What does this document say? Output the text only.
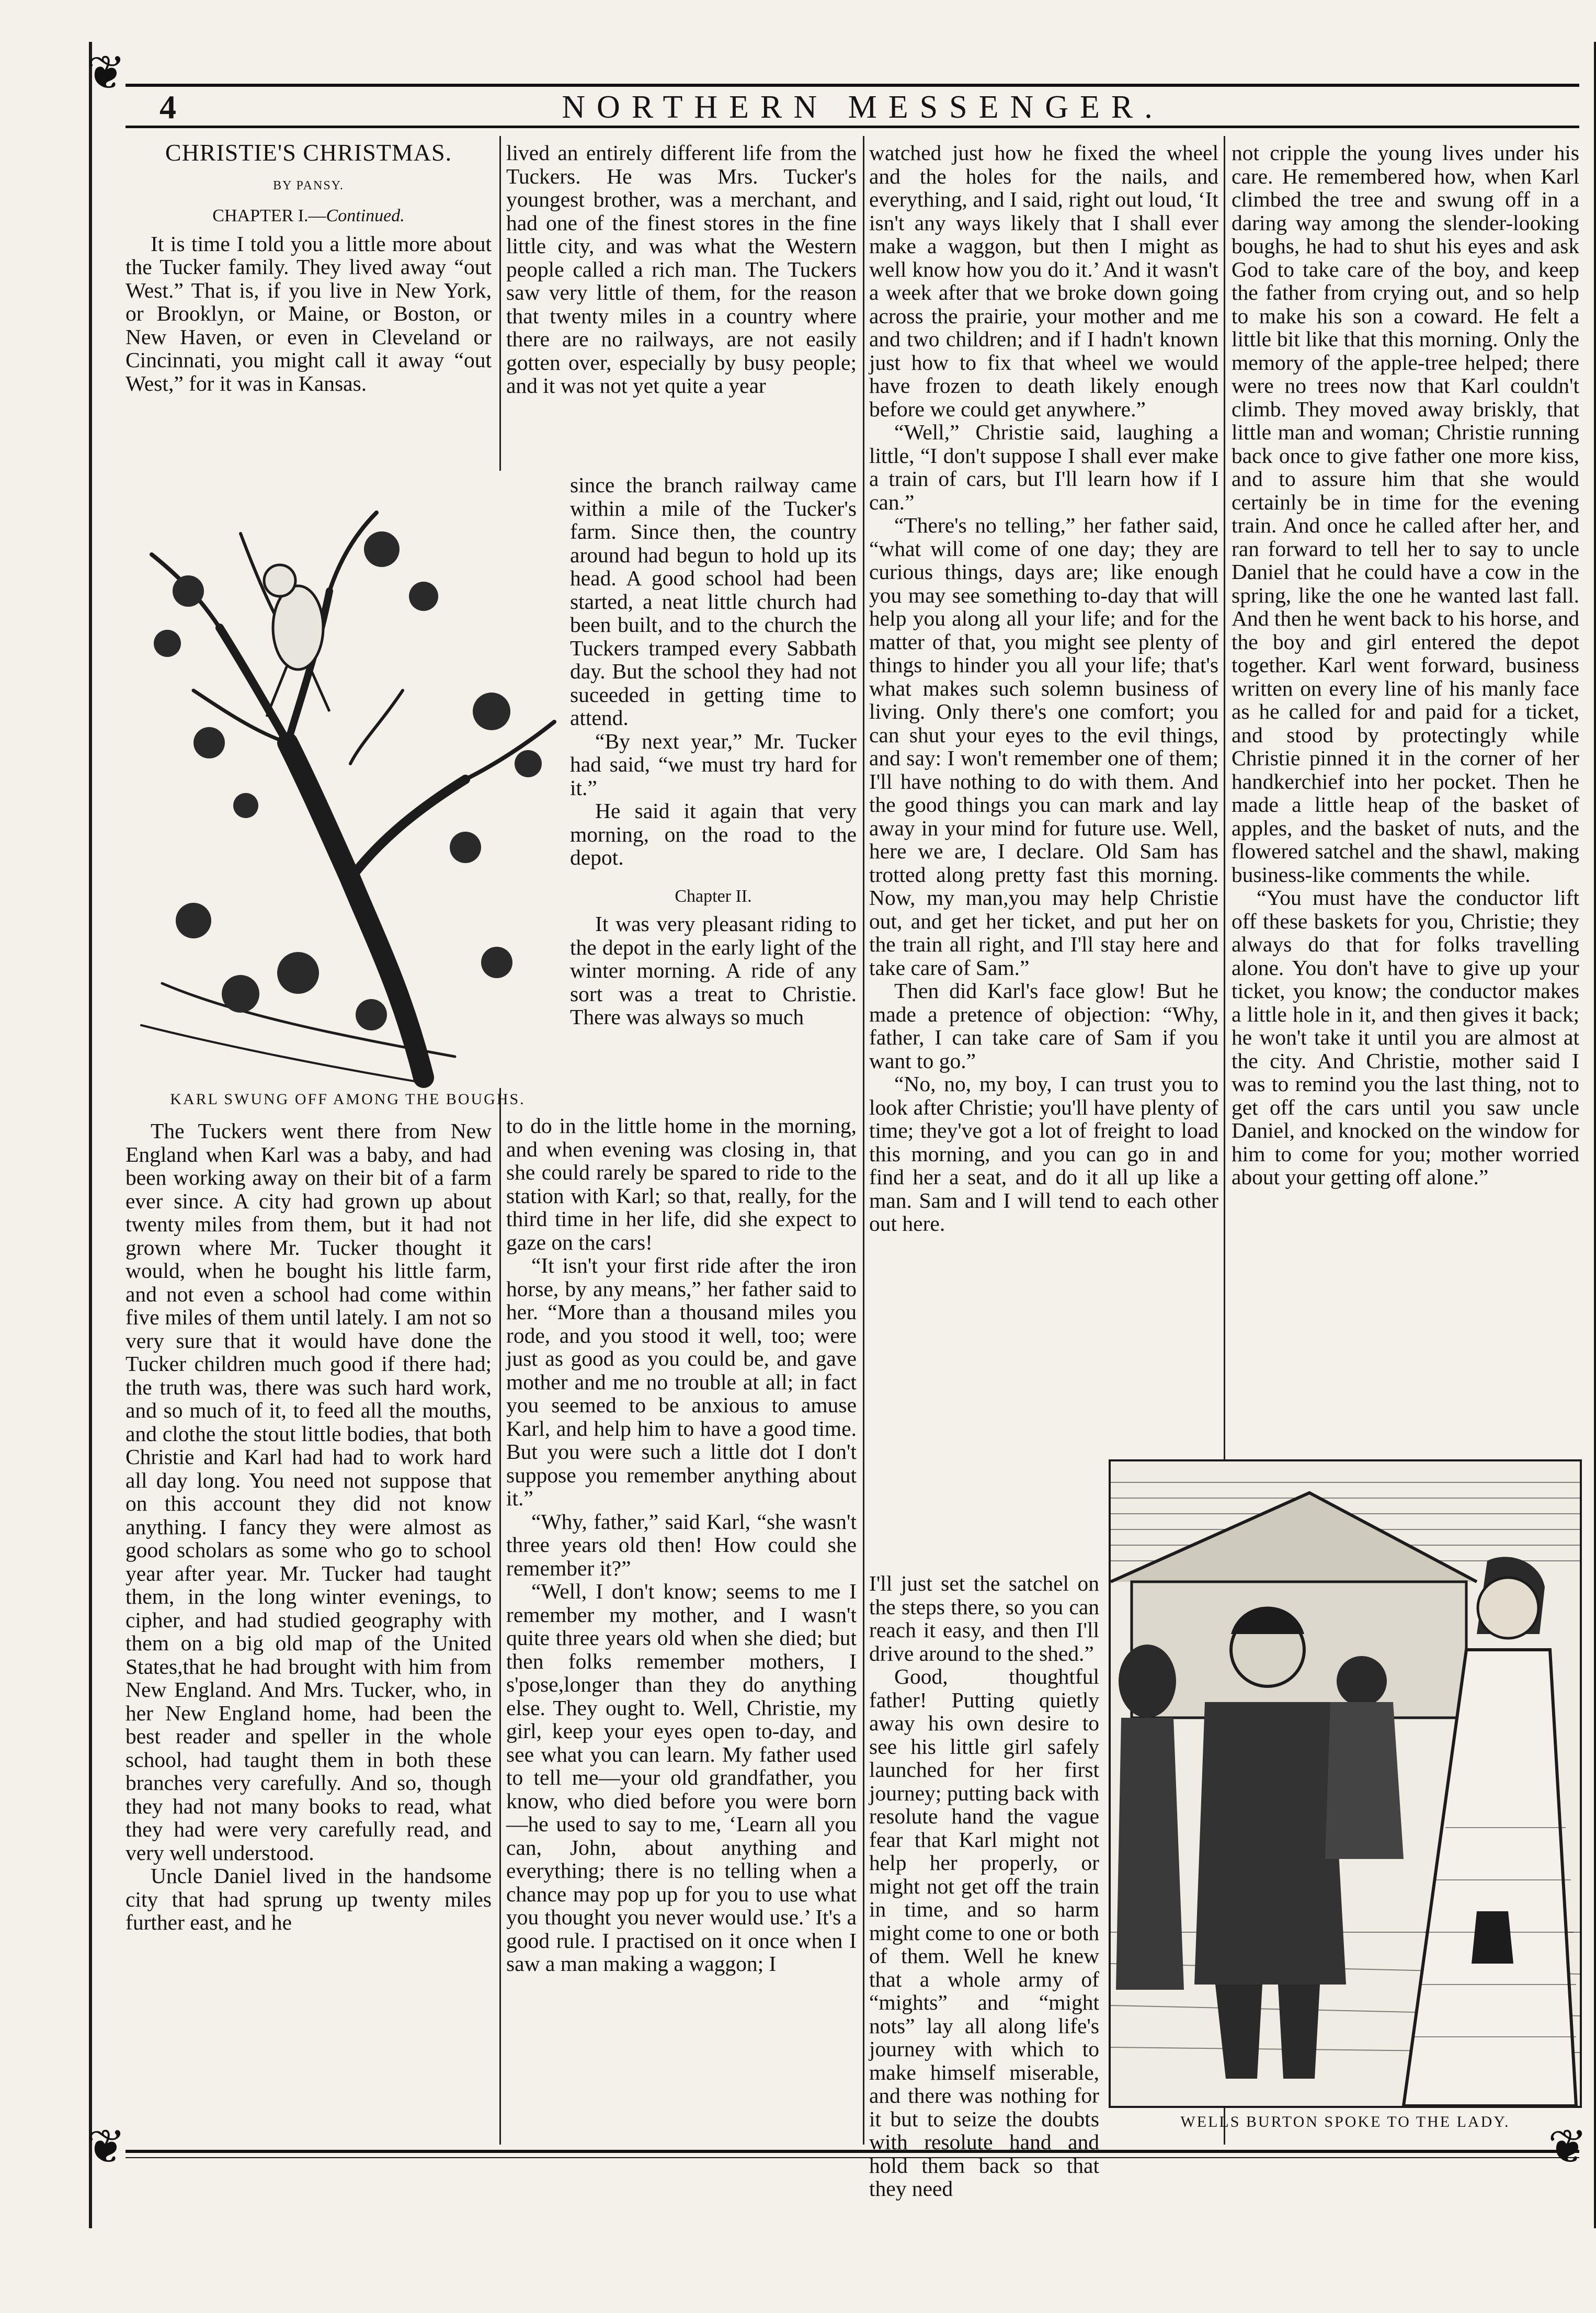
❦
❦	❦
4	NORTHERN MESSENGER.
CHRISTIE'S CHRISTMAS.
BY PANSY.
CHAPTER I.—Continued.

It is time I told you a little more about the Tucker family. They lived away “out West.” That is, if you live in New York, or Brooklyn, or Maine, or Boston, or New Haven, or even in Cleveland or Cincinnati, you might call it away “out West,” for it was in Kansas.

KARL SWUNG OFF AMONG THE BOUGHS.

The Tuckers went there from New England when Karl was a baby, and had been working away on their bit of a farm ever since. A city had grown up about twenty miles from them, but it had not grown where Mr. Tucker thought it would, when he bought his little farm, and not even a school had come within five miles of them until lately. I am not so very sure that it would have done the Tucker children much good if there had; the truth was, there was such hard work, and so much of it, to feed all the mouths, and clothe the stout little bodies, that both Christie and Karl had had to work hard all day long. You need not suppose that on this account they did not know anything. I fancy they were almost as good scholars as some who go to school year after year. Mr. Tucker had taught them, in the long winter evenings, to cipher, and had studied geography with them on a big old map of the United States,that he had brought with him from New England. And Mrs. Tucker, who, in her New England home, had been the best reader and speller in the whole school, had taught them in both these branches very carefully. And so, though they had not many books to read, what they had were very carefully read, and very well understood.

Uncle Daniel lived in the handsome city that had sprung up twenty miles further east, and he

lived an entirely different life from the Tuckers. He was Mrs. Tucker's youngest brother, was a merchant, and had one of the finest stores in the fine little city, and was what the Western people called a rich man. The Tuckers saw very little of them, for the reason that twenty miles in a country where there are no railways, are not easily gotten over, especially by busy people; and it was not yet quite a year

since the branch railway came within a mile of the Tucker's farm. Since then, the country around had begun to hold up its head. A good school had been started, a neat little church had been built, and to the church the Tuckers tramped every Sabbath day. But the school they had not suceeded in getting time to attend.

“By next year,” Mr. Tucker had said, “we must try hard for it.”

He said it again that very morning, on the road to the depot.

Chapter II.

It was very pleasant riding to the depot in the early light of the winter morning. A ride of any sort was a treat to Christie. There was always so much

to do in the little home in the morning, and when evening was closing in, that she could rarely be spared to ride to the station with Karl; so that, really, for the third time in her life, did she expect to gaze on the cars!

“It isn't your first ride after the iron horse, by any means,” her father said to her. “More than a thousand miles you rode, and you stood it well, too; were just as good as you could be, and gave mother and me no trouble at all; in fact you seemed to be anxious to amuse Karl, and help him to have a good time. But you were such a little dot I don't suppose you remember anything about it.”

“Why, father,” said Karl, “she wasn't three years old then! How could she remember it?”

“Well, I don't know; seems to me I remember my mother, and I wasn't quite three years old when she died; but then folks remember mothers, I s'pose,longer than they do anything else. They ought to. Well, Christie, my girl, keep your eyes open to-day, and see what you can learn. My father used to tell me—your old grandfather, you know, who died before you were born—he used to say to me, ‘Learn all you can, John, about anything and everything; there is no telling when a chance may pop up for you to use what you thought you never would use.’ It's a good rule. I practised on it once when I saw a man making a waggon; I

watched just how he fixed the wheel and the holes for the nails, and everything, and I said, right out loud, ‘It isn't any ways likely that I shall ever make a waggon, but then I might as well know how you do it.’ And it wasn't a week after that we broke down going across the prairie, your mother and me and two children; and if I hadn't known just how to fix that wheel we would have frozen to death likely enough before we could get anywhere.”

“Well,” Christie said, laughing a little, “I don't suppose I shall ever make a train of cars, but I'll learn how if I can.”

“There's no telling,” her father said, “what will come of one day; they are curious things, days are; like enough you may see something to-day that will help you along all your life; and for the matter of that, you might see plenty of things to hinder you all your life; that's what makes such solemn business of living. Only there's one comfort; you can shut your eyes to the evil things, and say: I won't remember one of them; I'll have nothing to do with them. And the good things you can mark and lay away in your mind for future use. Well, here we are, I declare. Old Sam has trotted along pretty fast this morning. Now, my man,you may help Christie out, and get her ticket, and put her on the train all right, and I'll stay here and take care of Sam.”

Then did Karl's face glow! But he made a pretence of objection: “Why, father, I can take care of Sam if you want to go.”

“No, no, my boy, I can trust you to look after Christie; you'll have plenty of time; they've got a lot of freight to load this morning, and you can go in and find her a seat, and do it all up like a man. Sam and I will tend to each other out here.

I'll just set the satchel on the steps there, so you can reach it easy, and then I'll drive around to the shed.”

Good, thoughtful father! Putting quietly away his own desire to see his little girl safely launched for her first journey; putting back with resolute hand the vague fear that Karl might not help her properly, or might not get off the train in time, and so harm might come to one or both of them. Well he knew that a whole army of “mights” and “might nots” lay all along life's journey with which to make himself miserable, and there was nothing for it but to seize the doubts with resolute hand and hold them back so that they need

not cripple the young lives under his care. He remembered how, when Karl climbed the tree and swung off in a daring way among the slender-looking boughs, he had to shut his eyes and ask God to take care of the boy, and keep the father from crying out, and so help to make his son a coward. He felt a little bit like that this morning. Only the memory of the apple-tree helped; there were no trees now that Karl couldn't climb. They moved away briskly, that little man and woman; Christie running back once to give father one more kiss, and to assure him that she would certainly be in time for the evening train. And once he called after her, and ran forward to tell her to say to uncle Daniel that he could have a cow in the spring, like the one he wanted last fall. And then he went back to his horse, and the boy and girl entered the depot together. Karl went forward, business written on every line of his manly face as he called for and paid for a ticket, and stood by protectingly while Christie pinned it in the corner of her handkerchief into her pocket. Then he made a little heap of the basket of apples, and the basket of nuts, and the flowered satchel and the shawl, making business-like comments the while.

“You must have the conductor lift off these baskets for you, Christie; they always do that for folks travelling alone. You don't have to give up your ticket, you know; the conductor makes a little hole in it, and then gives it back; he won't take it until you are almost at the city. And Christie, mother said I was to remind you the last thing, not to get off the cars until you saw uncle Daniel, and knocked on the window for him to come for you; mother worried about your getting off alone.”

WELLS BURTON SPOKE TO THE LADY.
